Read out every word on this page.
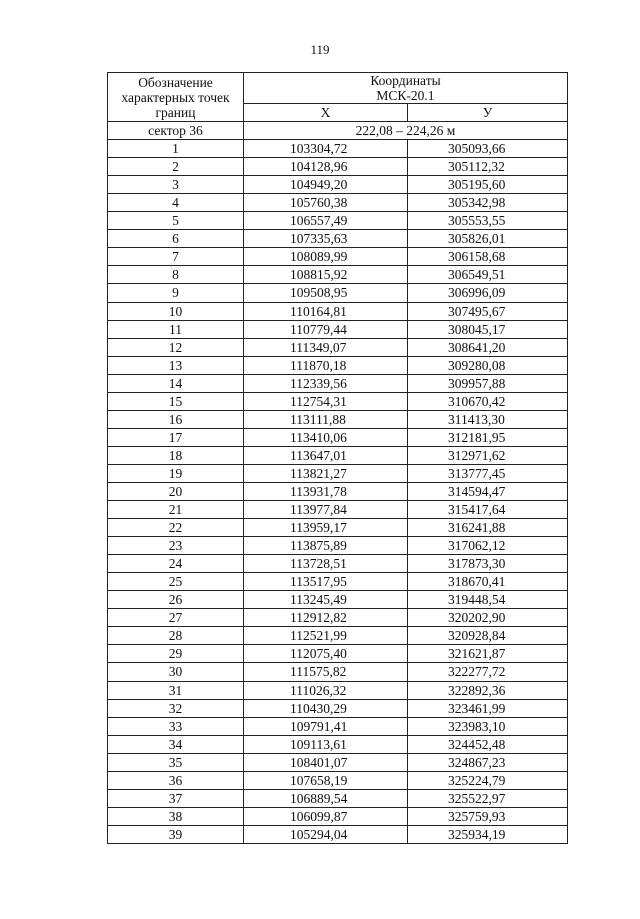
119
Обозначение
характерных точек
границ	Координаты
МСК-20.1	

	Х	У
сектор 36	222,08 – 224,26 м	
1	103304,72	305093,66
2	104128,96	305112,32
3	104949,20	305195,60
4	105760,38	305342,98
5	106557,49	305553,55
6	107335,63	305826,01
7	108089,99	306158,68
8	108815,92	306549,51
9	109508,95	306996,09
10	110164,81	307495,67
11	110779,44	308045,17
12	111349,07	308641,20
13	111870,18	309280,08
14	112339,56	309957,88
15	112754,31	310670,42
16	113111,88	311413,30
17	113410,06	312181,95
18	113647,01	312971,62
19	113821,27	313777,45
20	113931,78	314594,47
21	113977,84	315417,64
22	113959,17	316241,88
23	113875,89	317062,12
24	113728,51	317873,30
25	113517,95	318670,41
26	113245,49	319448,54
27	112912,82	320202,90
28	112521,99	320928,84
29	112075,40	321621,87
30	111575,82	322277,72
31	111026,32	322892,36
32	110430,29	323461,99
33	109791,41	323983,10
34	109113,61	324452,48
35	108401,07	324867,23
36	107658,19	325224,79
37	106889,54	325522,97
38	106099,87	325759,93
39	105294,04	325934,19
